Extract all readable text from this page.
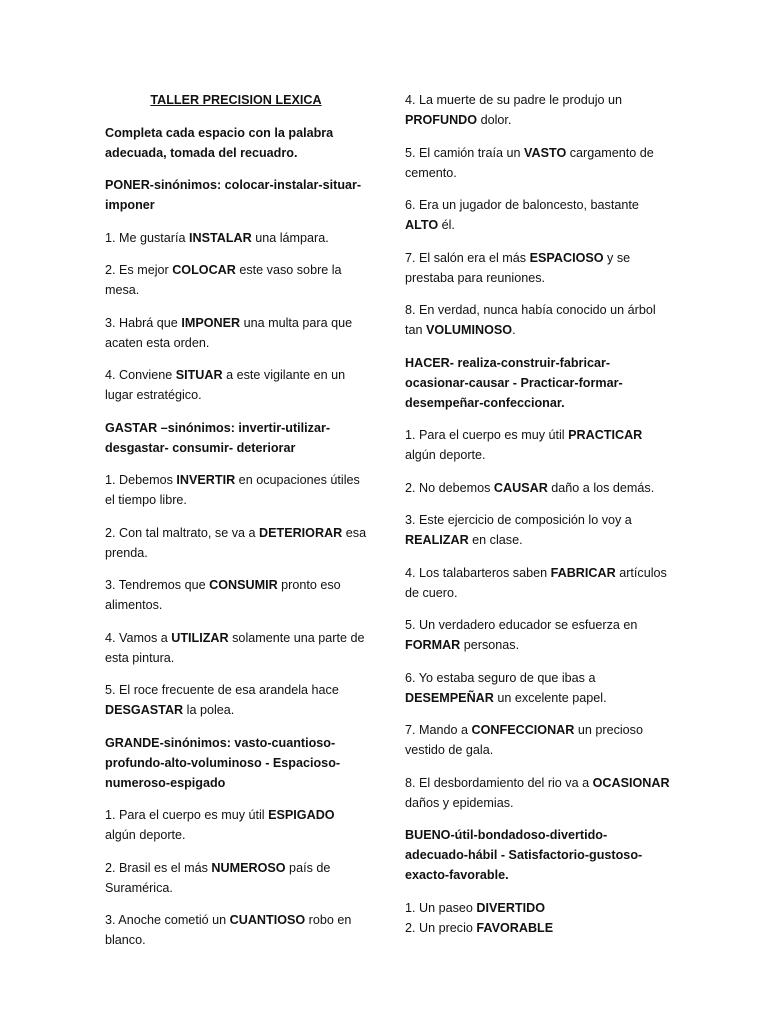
TALLER PRECISION LEXICA

Completa cada espacio con la palabra adecuada, tomada del recuadro.

PONER-sinónimos: colocar-instalar-situar-imponer

1. Me gustaría INSTALAR una lámpara.

2. Es mejor COLOCAR este vaso sobre la mesa.

3. Habrá que IMPONER una multa para que acaten esta orden.

4. Conviene SITUAR a este vigilante en un lugar estratégico.

GASTAR –sinónimos: invertir-utilizar-desgastar- consumir- deteriorar

1. Debemos INVERTIR en ocupaciones útiles el tiempo libre.

2. Con tal maltrato, se va a DETERIORAR esa prenda.

3. Tendremos que CONSUMIR pronto eso alimentos.

4. Vamos a UTILIZAR solamente una parte de esta pintura.

5. El roce frecuente de esa arandela hace DESGASTAR la polea.

GRANDE-sinónimos: vasto-cuantioso-profundo-alto-voluminoso - Espacioso-numeroso-espigado

1. Para el cuerpo es muy útil ESPIGADO algún deporte.

2. Brasil es el más NUMEROSO país de Suramérica.

3. Anoche cometió un CUANTIOSO robo en blanco.

4. La muerte de su padre le produjo un PROFUNDO dolor.

5. El camión traía un VASTO cargamento de cemento.

6. Era un jugador de baloncesto, bastante ALTO él.

7. El salón era el más ESPACIOSO y se prestaba para reuniones.

8. En verdad, nunca había conocido un árbol tan VOLUMINOSO.

HACER- realiza-construir-fabricar-ocasionar-causar - Practicar-formar-desempeñar-confeccionar.

1. Para el cuerpo es muy útil PRACTICAR algún deporte.

2. No debemos CAUSAR daño a los demás.

3. Este ejercicio de composición lo voy a REALIZAR en clase.

4. Los talabarteros saben FABRICAR artículos de cuero.

5. Un verdadero educador se esfuerza en FORMAR personas.

6. Yo estaba seguro de que ibas a DESEMPEÑAR un excelente papel.

7. Mando a CONFECCIONAR un precioso vestido de gala.

8. El desbordamiento del rio va a OCASIONAR daños y epidemias.

BUENO-útil-bondadoso-divertido-adecuado-hábil - Satisfactorio-gustoso-exacto-favorable.

1. Un paseo DIVERTIDO

2. Un precio FAVORABLE
